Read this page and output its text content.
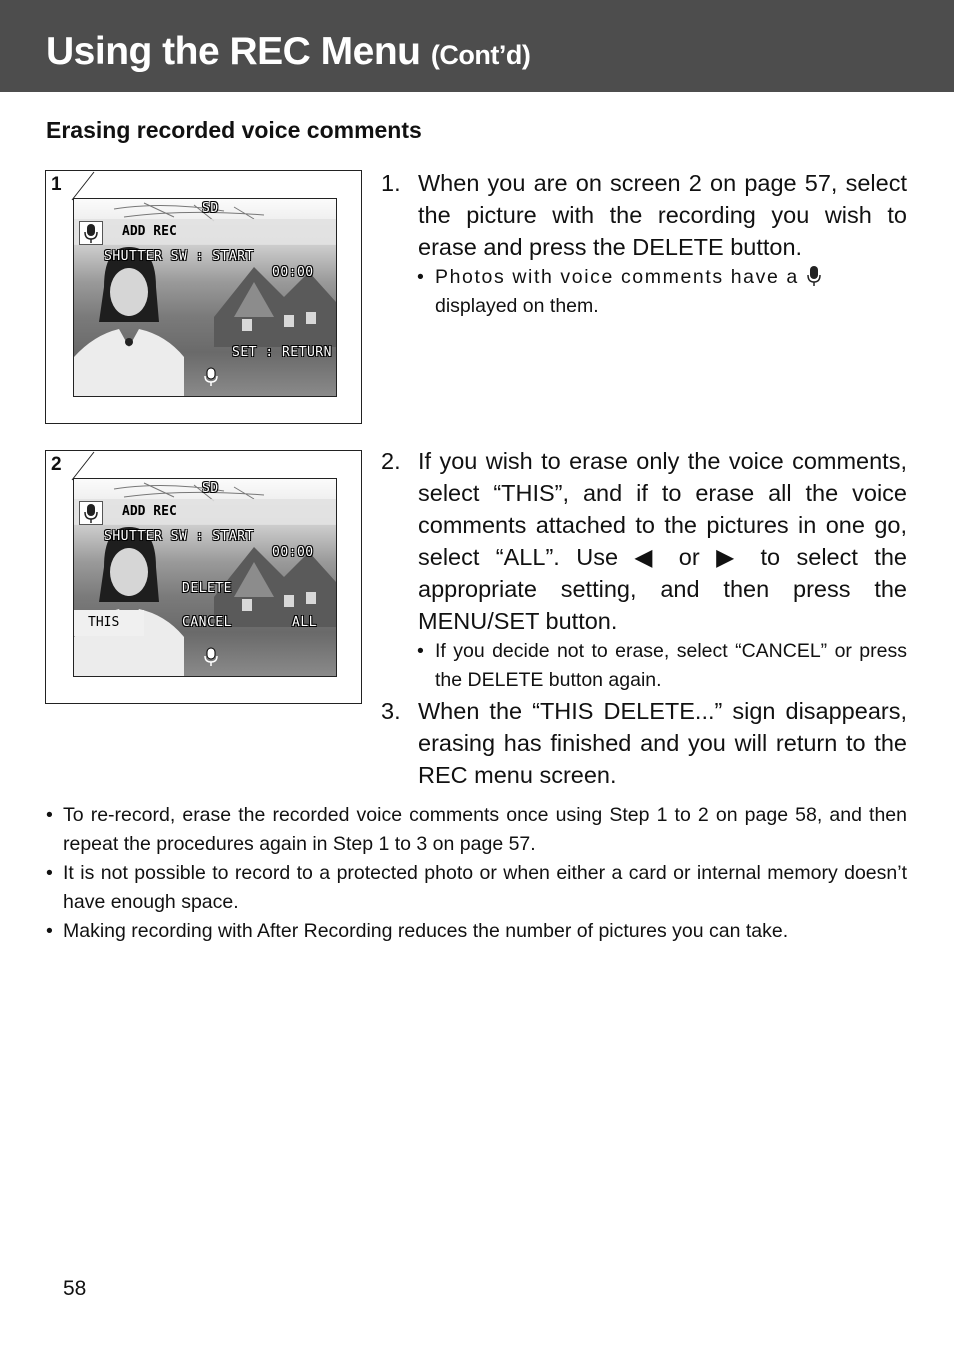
Using the REC Menu (Cont’d)
Erasing recorded voice comments
1
ADD REC
SD
SHUTTER SW : START
00:00
SET : RETURN
2
ADD REC
SD
SHUTTER SW : START
00:00
DELETE
THIS	CANCEL	ALL
1. When you are on screen 2 on page 57, select the picture with the recording you wish to erase and press the DELETE button.
• Photos with voice comments have a
displayed on them.
2. If you wish to erase only the voice comments, select “THIS”, and if to erase all the voice comments attached to the pictures in one go, select “ALL”. Use ◀ or ▶ to select the appropriate setting, and then press the MENU/SET button.
• If you decide not to erase, select “CANCEL” or press the DELETE button again.
3. When the “THIS DELETE...” sign disappears, erasing has finished and you will return to the REC menu screen.
• To re-record, erase the recorded voice comments once using Step 1 to 2 on page 58, and then repeat the procedures again in Step 1 to 3 on page 57.
• It is not possible to record to a protected photo or when either a card or internal memory doesn’t have enough space.
• Making recording with After Recording reduces the number of pictures you can take.
58
